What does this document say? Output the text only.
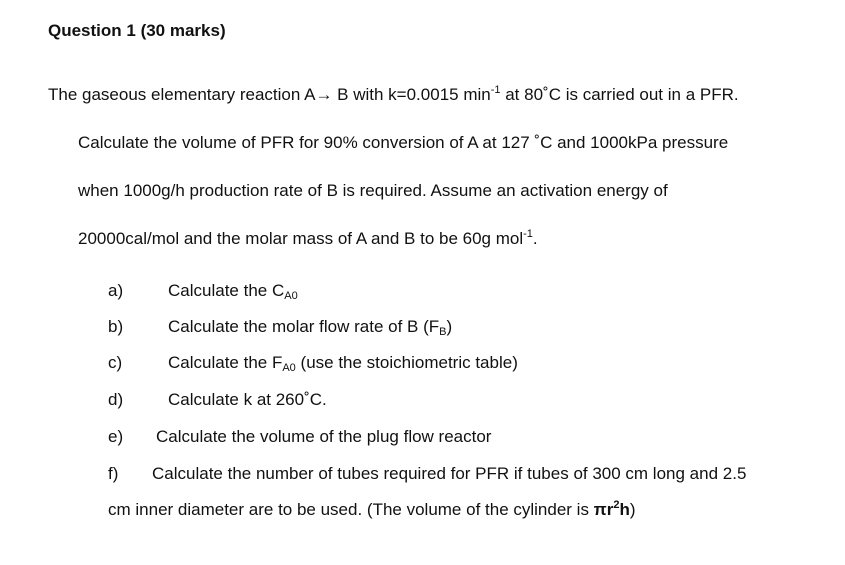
Question 1 (30 marks)
The gaseous elementary reaction A→ B with k=0.0015 $\min^{-1}$ at 80˚C is carried out in a PFR.
Calculate the volume of PFR for 90% conversion of A at 127 ˚C and 1000kPa pressure
when 1000g/h production rate of B is required. Assume an activation energy of
20000cal/mol and the molar mass of A and B to be 60g mol$^{-1}$.
a)	Calculate the $C_{A0}$
b)	Calculate the molar flow rate of B $(F_B)$
c)	Calculate the $F_{A0}$ (use the stoichiometric table)
d)	Calculate k at 260˚C.
e) Calculate the volume of the plug flow reactor
f) Calculate the number of tubes required for PFR if tubes of 300 cm long and 2.5
cm inner diameter are to be used. (The volume of the cylinder is $\pi r^2h$)
